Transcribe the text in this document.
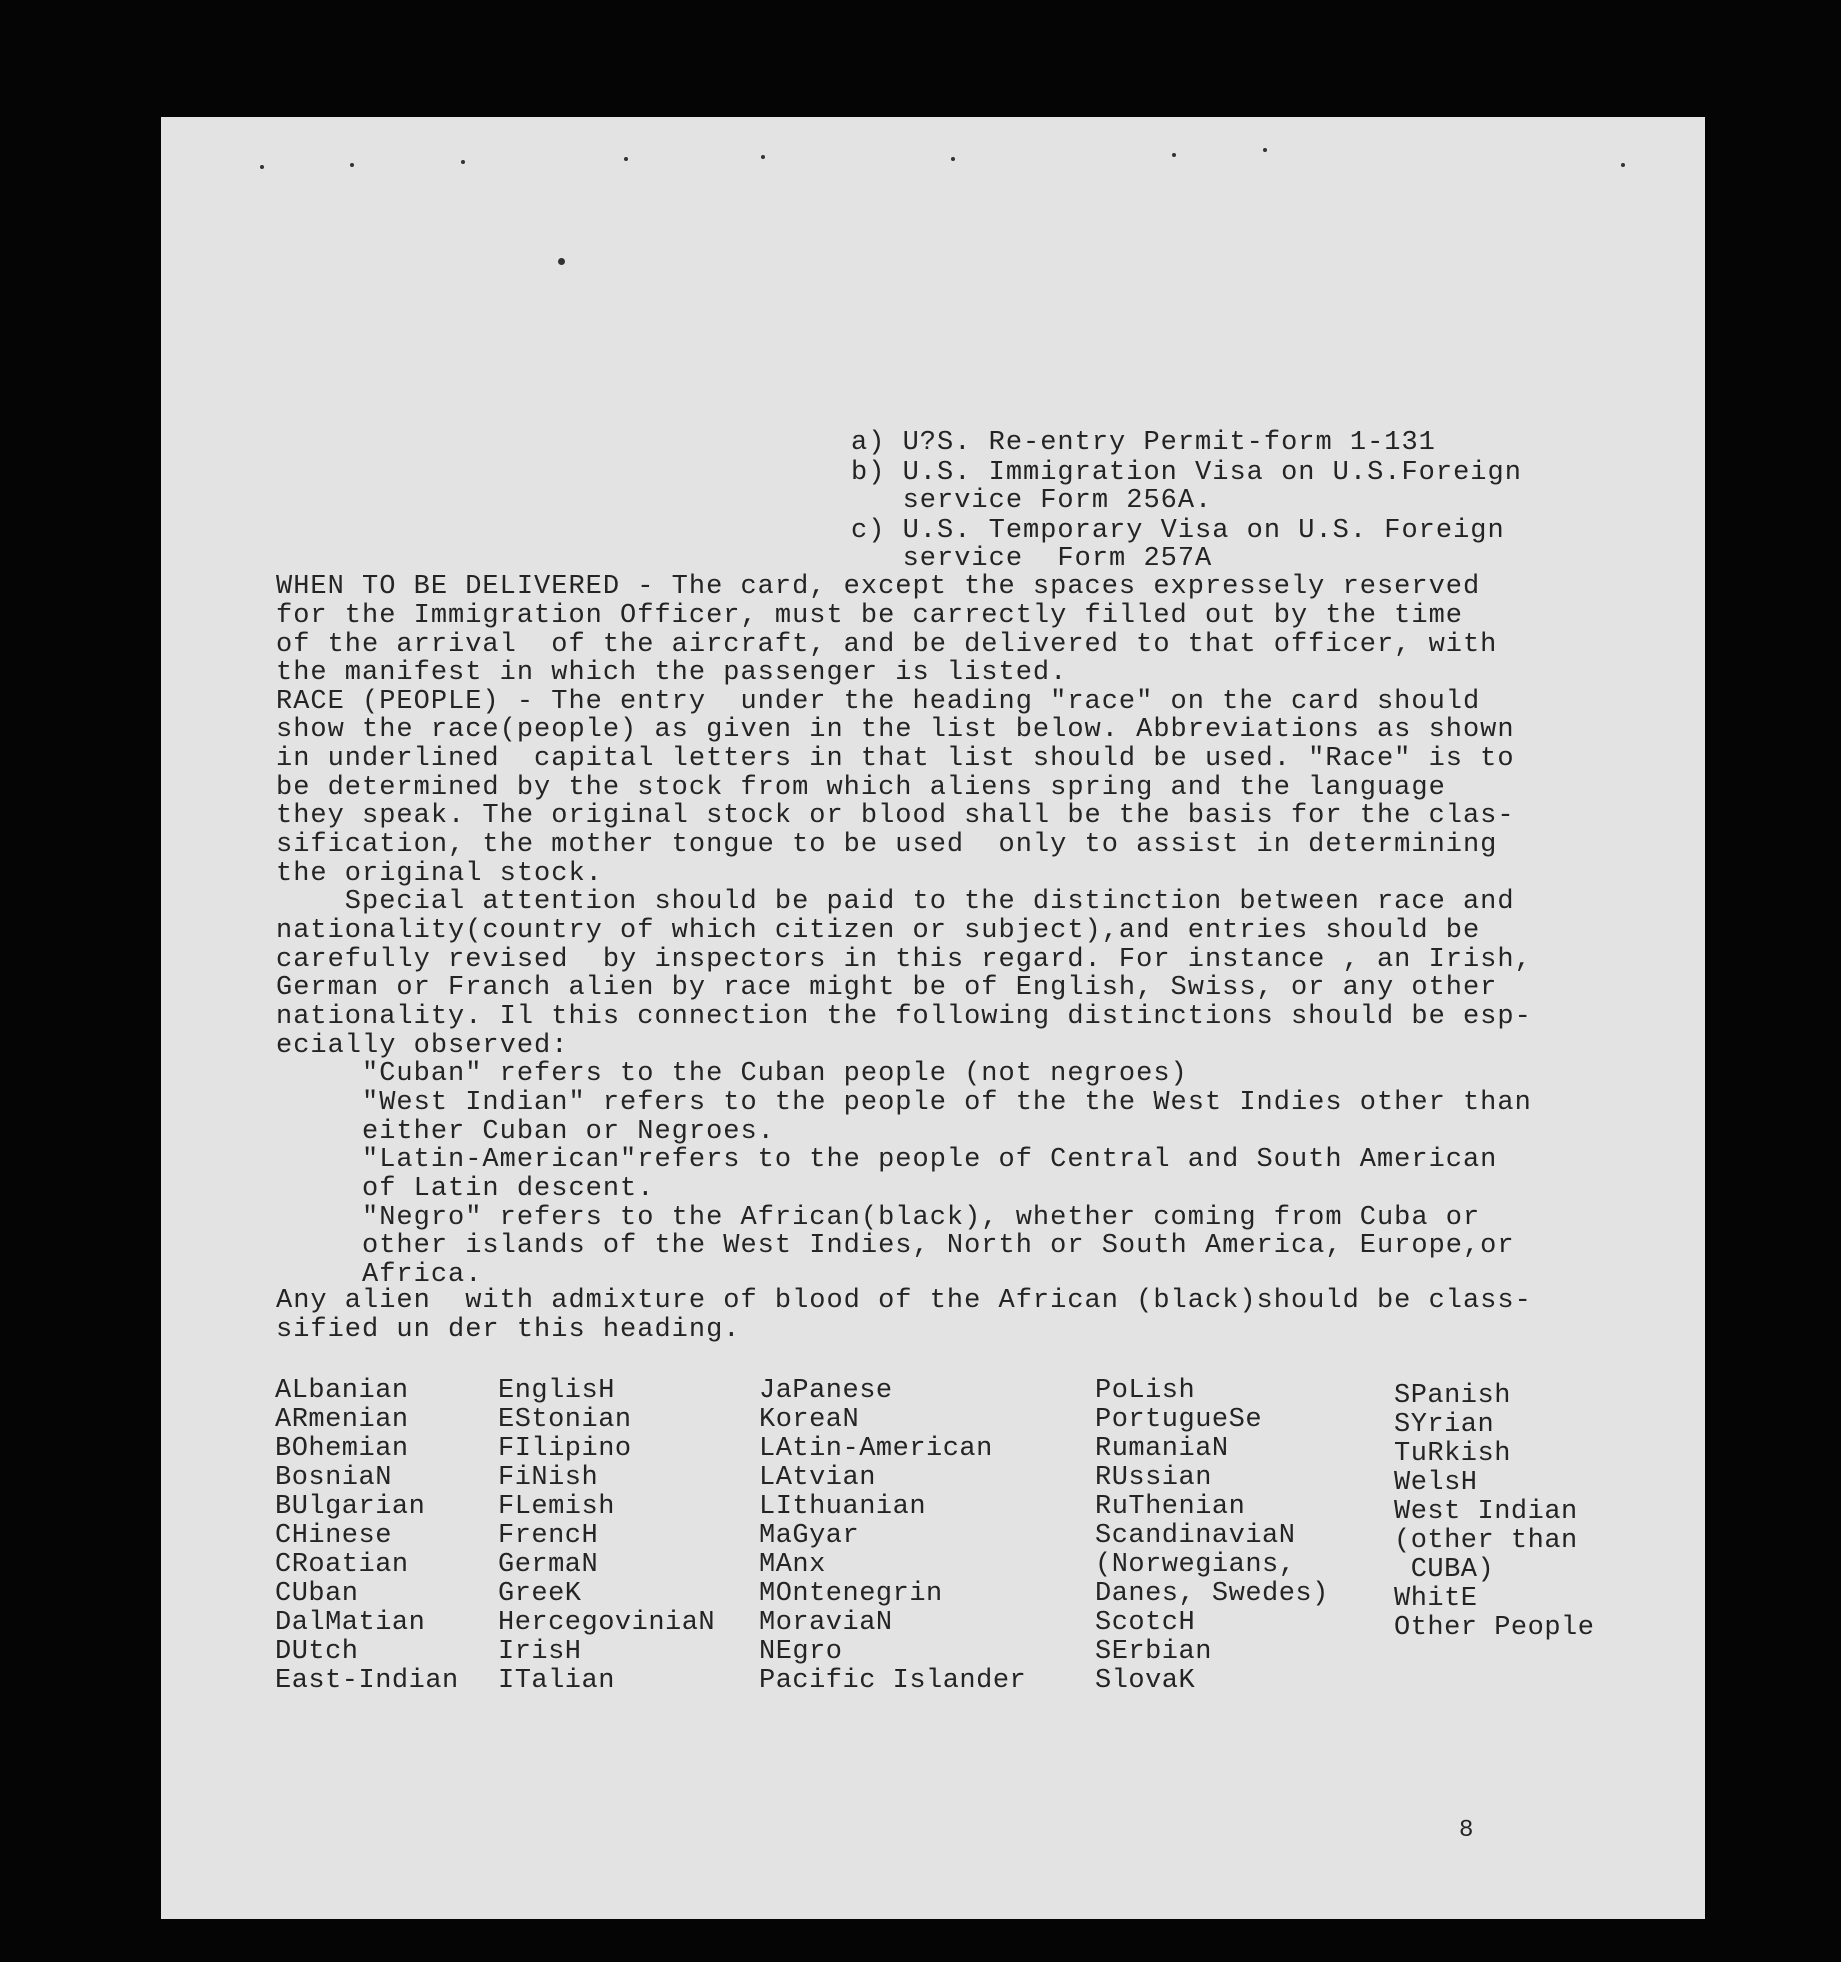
a) U?S. Re-entry Permit-form 1-131
b) U.S. Immigration Visa on U.S.Foreign
service Form 256A.
c) U.S. Temporary Visa on U.S. Foreign
service  Form 257A
WHEN TO BE DELIVERED - The card, except the spaces expressely reserved
for the Immigration Officer, must be carrectly filled out by the time
of the arrival  of the aircraft, and be delivered to that officer, with
the manifest in which the passenger is listed.
RACE (PEOPLE) - The entry  under the heading "race" on the card should
show the race(people) as given in the list below. Abbreviations as shown
in underlined  capital letters in that list should be used. "Race" is to
be determined by the stock from which aliens spring and the language
they speak. The original stock or blood shall be the basis for the clas-
sification, the mother tongue to be used  only to assist in determining
the original stock.
Special attention should be paid to the distinction between race and
nationality(country of which citizen or subject),and entries should be
carefully revised  by inspectors in this regard. For instance , an Irish,
German or Franch alien by race might be of English, Swiss, or any other
nationality. Il this connection the following distinctions should be esp-
ecially observed:
"Cuban" refers to the Cuban people (not negroes)
"West Indian" refers to the people of the the West Indies other than
either Cuban or Negroes.
"Latin-American"refers to the people of Central and South American
of Latin descent.
"Negro" refers to the African(black), whether coming from Cuba or
other islands of the West Indies, North or South America, Europe,or
Africa.
Any alien  with admixture of blood of the African (black)should be class-
sified un der this heading.
ALbanian
ARmenian
BOhemian
BosniaN
BUlgarian
CHinese
CRoatian
CUban
DalMatian
DUtch
East-Indian
EnglisH
EStonian
FIlipino
FiNish
FLemish
FrencH
GermaN
GreeK
HercegoviniaN
IrisH
ITalian
JaPanese
KoreaN
LAtin-American
LAtvian
LIthuanian
MaGyar
MAnx
MOntenegrin
MoraviaN
NEgro
Pacific Islander
PoLish
PortugueSe
RumaniaN
RUssian
RuThenian
ScandinaviaN
(Norwegians,
Danes, Swedes)
ScotcH
SErbian
SlovaK
SPanish
SYrian
TuRkish
WelsH
West Indian
(other than
CUBA)
WhitE
Other People
8
